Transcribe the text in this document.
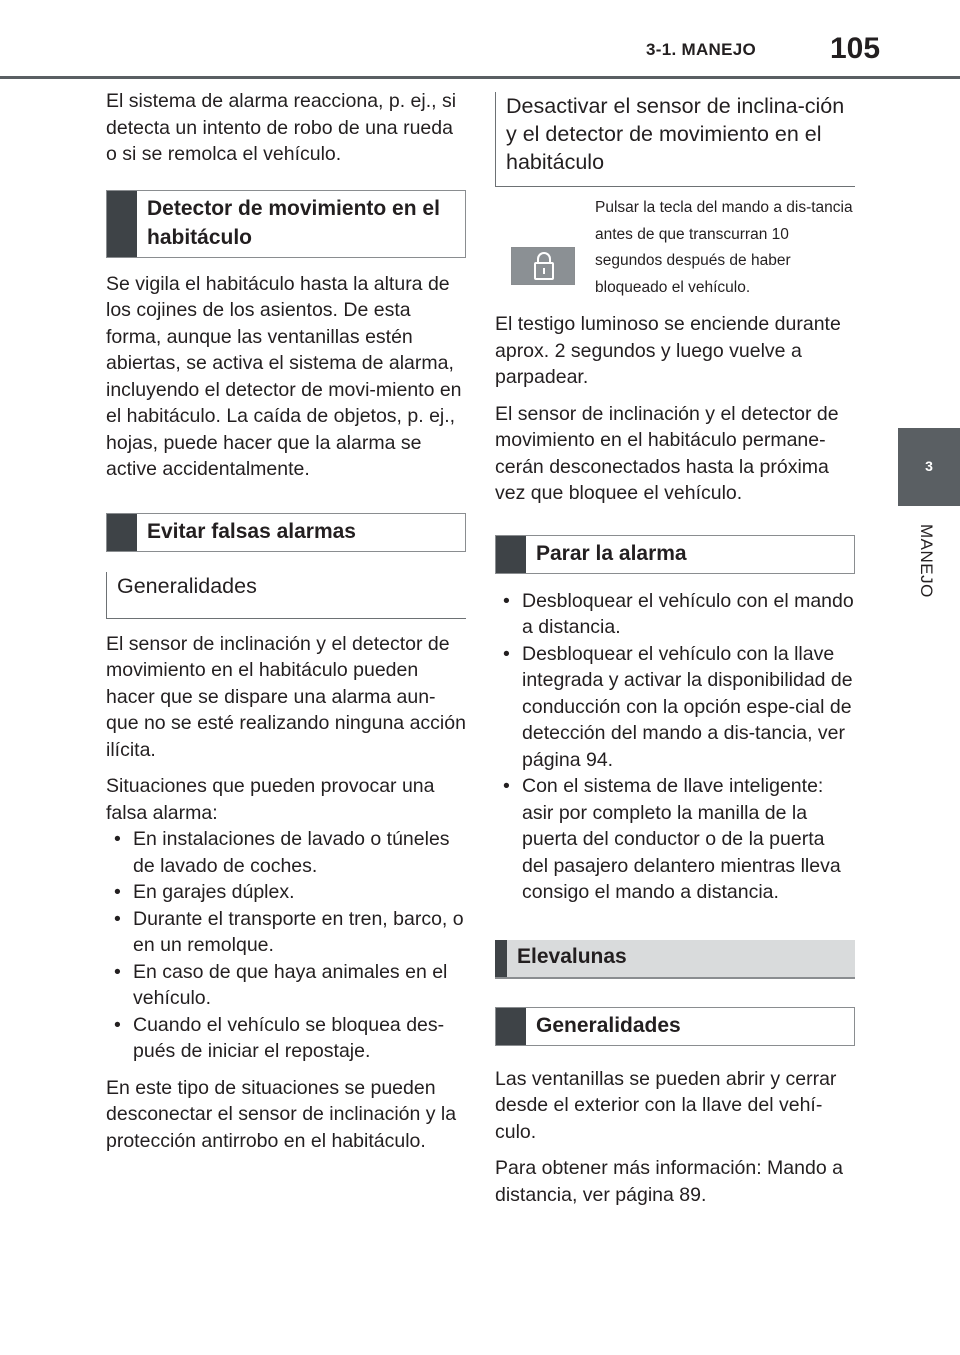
3-1. MANEJO 105
3
MANEJO

El sistema de alarma reacciona, p. ej., si detecta un intento de robo de una rueda o si se remolca el vehículo.

Detector de movimiento en el habitáculo

Se vigila el habitáculo hasta la altura de los cojines de los asientos. De esta forma, aunque las ventanillas estén abiertas, se activa el sistema de alarma, incluyendo el detector de movi-miento en el habitáculo. La caída de objetos, p. ej., hojas, puede hacer que la alarma se active accidentalmente.

Evitar falsas alarmas
Generalidades

El sensor de inclinación y el detector de movimiento en el habitáculo pueden hacer que se dispare una alarma aun-que no se esté realizando ninguna acción ilícita.

Situaciones que pueden provocar una falsa alarma:

• En instalaciones de lavado o túneles de lavado de coches.
• En garajes dúplex.
• Durante el transporte en tren, barco, o en un remolque.
• En caso de que haya animales en el vehículo.
• Cuando el vehículo se bloquea des-pués de iniciar el repostaje.

En este tipo de situaciones se pueden desconectar el sensor de inclinación y la protección antirrobo en el habitáculo.

Desactivar el sensor de inclina-ción y el detector de movimiento en el habitáculo
Pulsar la tecla del mando a dis-tancia antes de que transcurran 10 segundos después de haber bloqueado el vehículo.

El testigo luminoso se enciende durante aprox. 2 segundos y luego vuelve a parpadear.

El sensor de inclinación y el detector de movimiento en el habitáculo permane-cerán desconectados hasta la próxima vez que bloquee el vehículo.

Parar la alarma
• Desbloquear el vehículo con el mando a distancia.
• Desbloquear el vehículo con la llave integrada y activar la disponibilidad de conducción con la opción espe-cial de detección del mando a dis-tancia, ver página 94.
• Con el sistema de llave inteligente: asir por completo la manilla de la puerta del conductor o de la puerta del pasajero delantero mientras lleva consigo el mando a distancia.
Elevalunas
Generalidades

Las ventanillas se pueden abrir y cerrar desde el exterior con la llave del vehí-culo.

Para obtener más información: Mando a distancia, ver página 89.
